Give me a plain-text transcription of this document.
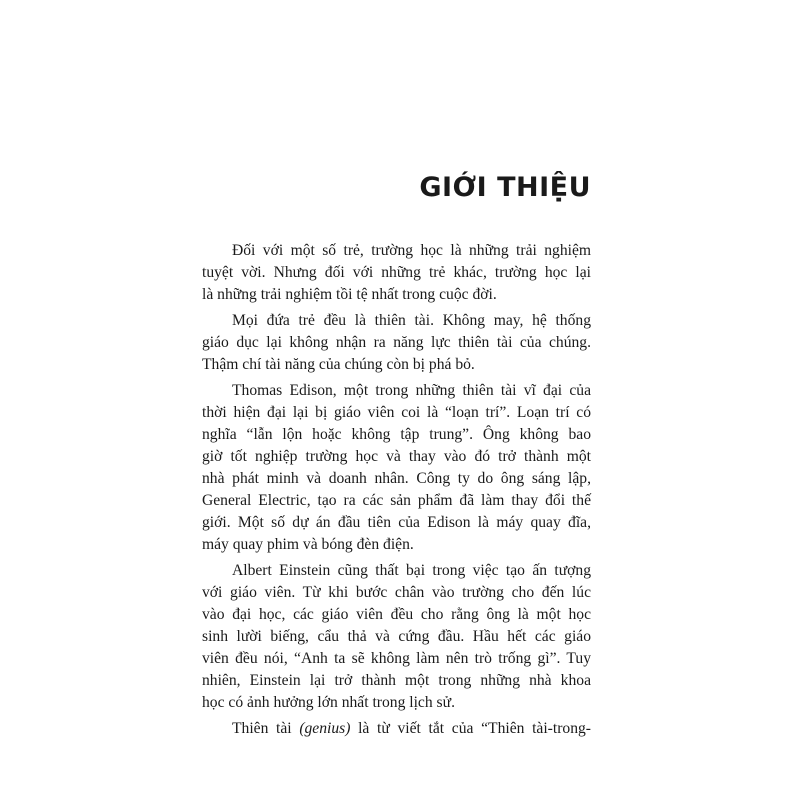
GIỚI THIỆU

Đối với một số trẻ, trường học là những trải nghiệm

tuyệt vời. Nhưng đối với những trẻ khác, trường học lại

là những trải nghiệm tồi tệ nhất trong cuộc đời.

Mọi đứa trẻ đều là thiên tài. Không may, hệ thống

giáo dục lại không nhận ra năng lực thiên tài của chúng.

Thậm chí tài năng của chúng còn bị phá bỏ.

Thomas Edison, một trong những thiên tài vĩ đại của

thời hiện đại lại bị giáo viên coi là “loạn trí”. Loạn trí có

nghĩa “lẫn lộn hoặc không tập trung”. Ông không bao

giờ tốt nghiệp trường học và thay vào đó trở thành một

nhà phát minh và doanh nhân. Công ty do ông sáng lập,

General Electric, tạo ra các sản phẩm đã làm thay đổi thế

giới. Một số dự án đầu tiên của Edison là máy quay đĩa,

máy quay phim và bóng đèn điện.

Albert Einstein cũng thất bại trong việc tạo ấn tượng

với giáo viên. Từ khi bước chân vào trường cho đến lúc

vào đại học, các giáo viên đều cho rằng ông là một học

sinh lười biếng, cẩu thả và cứng đầu. Hầu hết các giáo

viên đều nói, “Anh ta sẽ không làm nên trò trống gì”. Tuy

nhiên, Einstein lại trở thành một trong những nhà khoa

học có ảnh hưởng lớn nhất trong lịch sử.

Thiên tài (genius) là từ viết tắt của “Thiên tài-trong-
